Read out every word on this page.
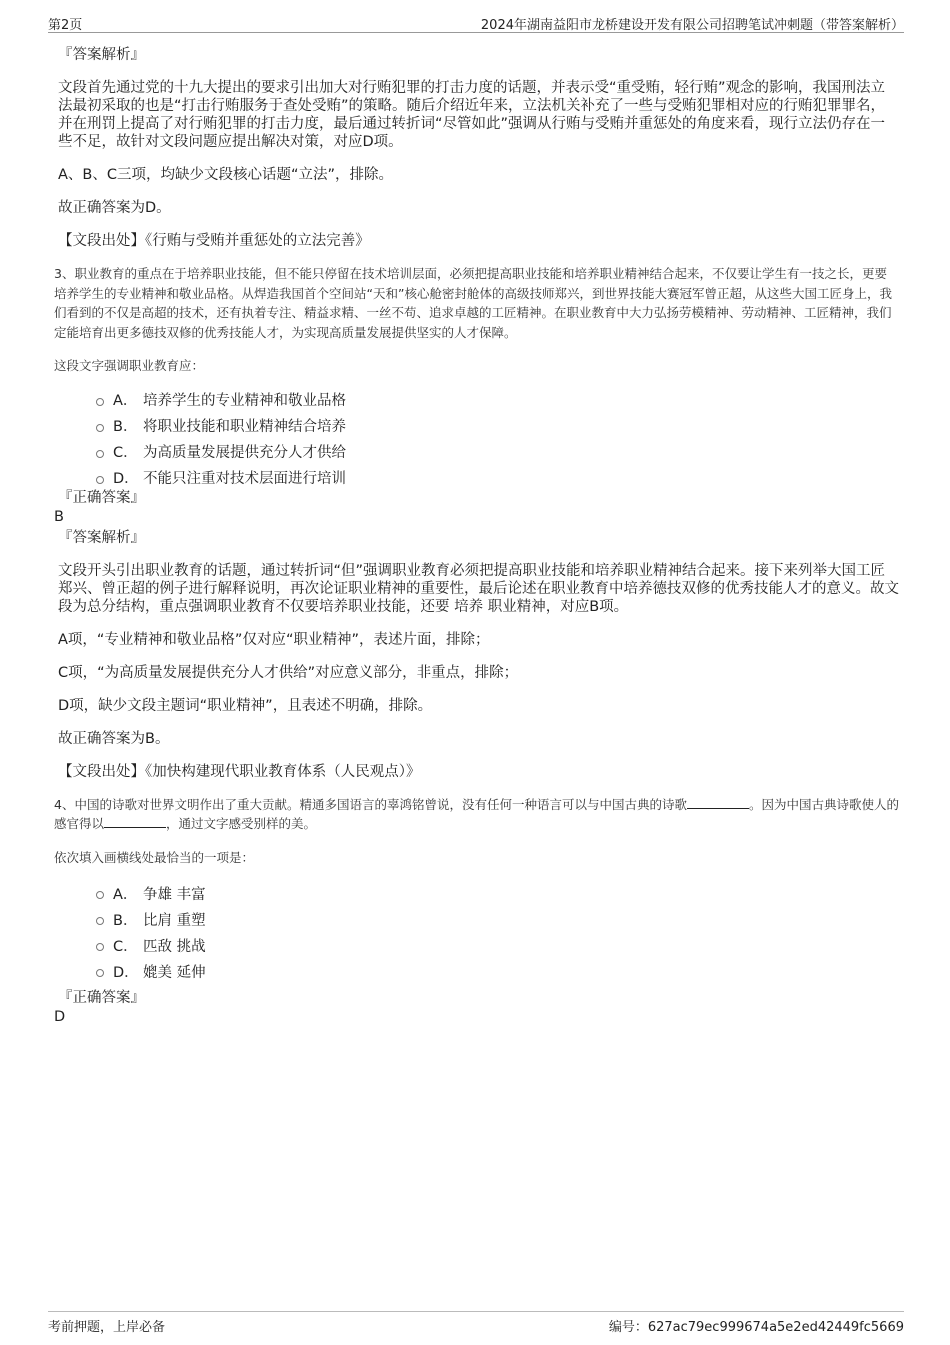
第2页	2024年湖南益阳市龙桥建设开发有限公司招聘笔试冲刺题（带答案解析）

『答案解析』

文段首先通过党的十九大提出的要求引出加大对行贿犯罪的打击力度的话题，并表示受“重受贿，轻行贿”观念的影响，我国刑法立法最初采取的也是“打击行贿服务于查处受贿”的策略。随后介绍近年来，立法机关补充了一些与受贿犯罪相对应的行贿犯罪罪名，并在刑罚上提高了对行贿犯罪的打击力度，最后通过转折词“尽管如此”强调从行贿与受贿并重惩处的角度来看，现行立法仍存在一些不足，故针对文段问题应提出解决对策，对应D项。

A、B、C三项，均缺少文段核心话题“立法”，排除。

故正确答案为D。

【文段出处】《行贿与受贿并重惩处的立法完善》

3、职业教育的重点在于培养职业技能，但不能只停留在技术培训层面，必须把提高职业技能和培养职业精神结合起来，不仅要让学生有一技之长，更要培养学生的专业精神和敬业品格。从焊造我国首个空间站“天和”核心舱密封舱体的高级技师郑兴，到世界技能大赛冠军曾正超，从这些大国工匠身上，我们看到的不仅是高超的技术，还有执着专注、精益求精、一丝不苟、追求卓越的工匠精神。在职业教育中大力弘扬劳模精神、劳动精神、工匠精神，我们定能培育出更多德技双修的优秀技能人才，为实现高质量发展提供坚实的人才保障。

这段文字强调职业教育应：

A． 培养学生的专业精神和敬业品格
B． 将职业技能和职业精神结合培养
C． 为高质量发展提供充分人才供给
D． 不能只注重对技术层面进行培训

『正确答案』

B

『答案解析』

文段开头引出职业教育的话题，通过转折词“但”强调职业教育必须把提高职业技能和培养职业精神结合起来。接下来列举大国工匠郑兴、曾正超的例子进行解释说明，再次论证职业精神的重要性，最后论述在职业教育中培养德技双修的优秀技能人才的意义。故文段为总分结构，重点强调职业教育不仅要培养职业技能，还要 培养 职业精神，对应B项。

A项，“专业精神和敬业品格”仅对应“职业精神”，表述片面，排除；

C项，“为高质量发展提供充分人才供给”对应意义部分，非重点，排除；

D项，缺少文段主题词“职业精神”，且表述不明确，排除。

故正确答案为B。

【文段出处】《加快构建现代职业教育体系（人民观点）》

4、中国的诗歌对世界文明作出了重大贡献。精通多国语言的辜鸿铭曾说，没有任何一种语言可以与中国古典的诗歌	。因为中国古典诗歌使人的感官得以	，通过文字感受别样的美。

依次填入画横线处最恰当的一项是：

A． 争雄 丰富
B． 比肩 重塑
C． 匹敌 挑战
D． 媲美 延伸

『正确答案』

D

考前押题，上岸必备	编号：627ac79ec999674a5e2ed42449fc5669
